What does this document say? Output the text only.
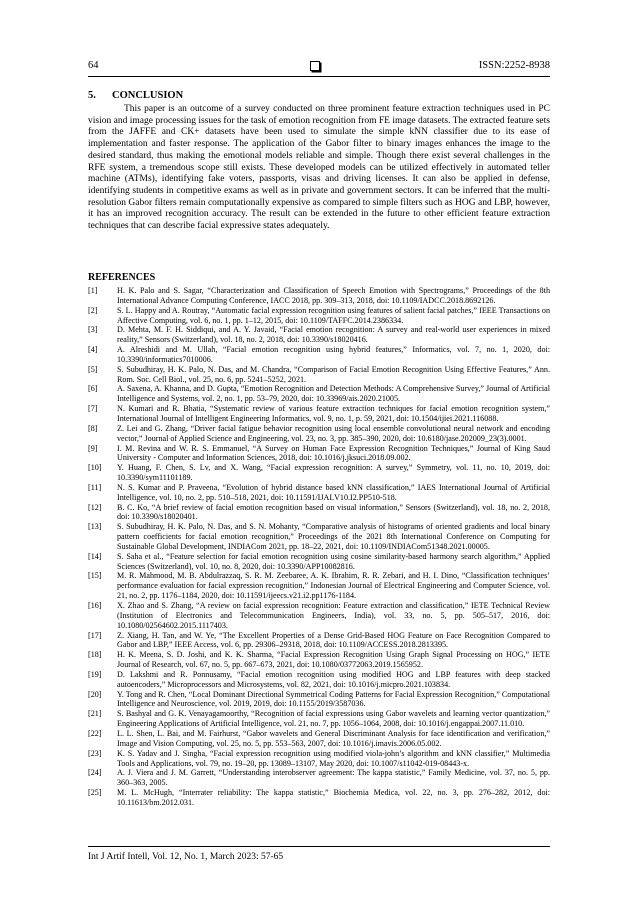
64	ISSN:2252-8938
5. CONCLUSION

This paper is an outcome of a survey conducted on three prominent feature extraction techniques used in PC vision and image processing issues for the task of emotion recognition from FE image datasets. The extracted feature sets from the JAFFE and CK+ datasets have been used to simulate the simple kNN classifier due to its ease of implementation and faster response. The application of the Gabor filter to binary images enhances the image to the desired standard, thus making the emotional models reliable and simple. Though there exist several challenges in the RFE system, a tremendous scope still exists. These developed models can be utilized effectively in automated teller machine (ATMs), identifying fake voters, passports, visas and driving licenses. It can also be applied in defense, identifying students in competitive exams as well as in private and government sectors. It can be inferred that the multi-resolution Gabor filters remain computationally expensive as compared to simple filters such as HOG and LBP, however, it has an improved recognition accuracy. The result can be extended in the future to other efficient feature extraction techniques that can describe facial expressive states adequately.

REFERENCES
[1] H. K. Palo and S. Sagar, “Characterization and Classification of Speech Emotion with Spectrograms,” Proceedings of the 8th International Advance Computing Conference, IACC 2018, pp. 309–313, 2018, doi: 10.1109/IADCC.2018.8692126.
[2] S. L. Happy and A. Routray, “Automatic facial expression recognition using features of salient facial patches,” IEEE Transactions on Affective Computing, vol. 6, no. 1, pp. 1–12, 2015, doi: 10.1109/TAFFC.2014.2386334.
[3] D. Mehta, M. F. H. Siddiqui, and A. Y. Javaid, “Facial emotion recognition: A survey and real-world user experiences in mixed reality,” Sensors (Switzerland), vol. 18, no. 2, 2018, doi: 10.3390/s18020416.
[4] A. Alreshidi and M. Ullah, “Facial emotion recognition using hybrid features,” Informatics, vol. 7, no. 1, 2020, doi: 10.3390/informatics7010006.
[5] S. Subudhiray, H. K. Palo, N. Das, and M. Chandra, “Comparison of Facial Emotion Recognition Using Effective Features,” Ann. Rom. Soc. Cell Biol., vol. 25, no. 6, pp. 5241–5252, 2021.
[6] A. Saxena, A. Khanna, and D. Gupta, “Emotion Recognition and Detection Methods: A Comprehensive Survey,” Journal of Artificial Intelligence and Systems, vol. 2, no. 1, pp. 53–79, 2020, doi: 10.33969/ais.2020.21005.
[7] N. Kumari and R. Bhatia, “Systematic review of various feature extraction techniques for facial emotion recognition system,” International Journal of Intelligent Engineering Informatics, vol. 9, no. 1, p. 59, 2021, doi: 10.1504/ijiei.2021.116088.
[8] Z. Lei and G. Zhang, “Driver facial fatigue behavior recognition using local ensemble convolutional neural network and encoding vector,” Journal of Applied Science and Engineering, vol. 23, no. 3, pp. 385–390, 2020, doi: 10.6180/jase.202009_23(3).0001.
[9] I. M. Revina and W. R. S. Emmanuel, “A Survey on Human Face Expression Recognition Techniques,” Journal of King Saud University - Computer and Information Sciences, 2018, doi: 10.1016/j.jksuci.2018.09.002.
[10] Y. Huang, F. Chen, S. Lv, and X. Wang, “Facial expression recognition: A survey,” Symmetry, vol. 11, no. 10, 2019, doi: 10.3390/sym11101189.
[11] N. S. Kumar and P. Praveena, “Evolution of hybrid distance based kNN classification,” IAES International Journal of Artificial Intelligence, vol. 10, no. 2, pp. 510–518, 2021, doi: 10.11591/IJAI.V10.I2.PP510-518.
[12] B. C. Ko, “A brief review of facial emotion recognition based on visual information,” Sensors (Switzerland), vol. 18, no. 2, 2018, doi: 10.3390/s18020401.
[13] S. Subudhiray, H. K. Palo, N. Das, and S. N. Mohanty, “Comparative analysis of histograms of oriented gradients and local binary pattern coefficients for facial emotion recognition,” Proceedings of the 2021 8th International Conference on Computing for Sustainable Global Development, INDIACom 2021, pp. 18–22, 2021, doi: 10.1109/INDIACom51348.2021.00005.
[14] S. Saha et al., “Feature selection for facial emotion recognition using cosine similarity-based harmony search algorithm,” Applied Sciences (Switzerland), vol. 10, no. 8, 2020, doi: 10.3390/APP10082816.
[15] M. R. Mahmood, M. B. Abdulrazzaq, S. R. M. Zeebaree, A. K. Ibrahim, R. R. Zebari, and H. I. Dino, “Classification techniques’ performance evaluation for facial expression recognition,” Indonesian Journal of Electrical Engineering and Computer Science, vol. 21, no. 2, pp. 1176–1184, 2020, doi: 10.11591/ijeecs.v21.i2.pp1176-1184.
[16] X. Zhao and S. Zhang, “A review on facial expression recognition: Feature extraction and classification,” IETE Technical Review (Institution of Electronics and Telecommunication Engineers, India), vol. 33, no. 5, pp. 505–517, 2016, doi: 10.1080/02564602.2015.1117403.
[17] Z. Xiang, H. Tan, and W. Ye, “The Excellent Properties of a Dense Grid-Based HOG Feature on Face Recognition Compared to Gabor and LBP,” IEEE Access, vol. 6, pp. 29306–29318, 2018, doi: 10.1109/ACCESS.2018.2813395.
[18] H. K. Meena, S. D. Joshi, and K. K. Sharma, “Facial Expression Recognition Using Graph Signal Processing on HOG,” IETE Journal of Research, vol. 67, no. 5, pp. 667–673, 2021, doi: 10.1080/03772063.2019.1565952.
[19] D. Lakshmi and R. Ponnusamy, “Facial emotion recognition using modified HOG and LBP features with deep stacked autoencoders,” Microprocessors and Microsystems, vol. 82, 2021, doi: 10.1016/j.micpro.2021.103834.
[20] Y. Tong and R. Chen, “Local Dominant Directional Symmetrical Coding Patterns for Facial Expression Recognition,” Computational Intelligence and Neuroscience, vol. 2019, 2019, doi: 10.1155/2019/3587036.
[21] S. Bashyal and G. K. Venayagamoorthy, “Recognition of facial expressions using Gabor wavelets and learning vector quantization,” Engineering Applications of Artificial Intelligence, vol. 21, no. 7, pp. 1056–1064, 2008, doi: 10.1016/j.engappai.2007.11.010.
[22] L. L. Shen, L. Bai, and M. Fairhurst, “Gabor wavelets and General Discriminant Analysis for face identification and verification,” Image and Vision Computing, vol. 25, no. 5, pp. 553–563, 2007, doi: 10.1016/j.imavis.2006.05.002.
[23] K. S. Yadav and J. Singha, “Facial expression recognition using modified viola-john’s algorithm and kNN classifier,” Multimedia Tools and Applications, vol. 79, no. 19–20, pp. 13089–13107, May 2020, doi: 10.1007/s11042-019-08443-x.
[24] A. J. Viera and J. M. Garrett, “Understanding interobserver agreement: The kappa statistic,” Family Medicine, vol. 37, no. 5, pp. 360–363, 2005.
[25] M. L. McHugh, “Interrater reliability: The kappa statistic,” Biochemia Medica, vol. 22, no. 3, pp. 276–282, 2012, doi: 10.11613/bm.2012.031.
Int J Artif Intell, Vol. 12, No. 1, March 2023: 57-65
